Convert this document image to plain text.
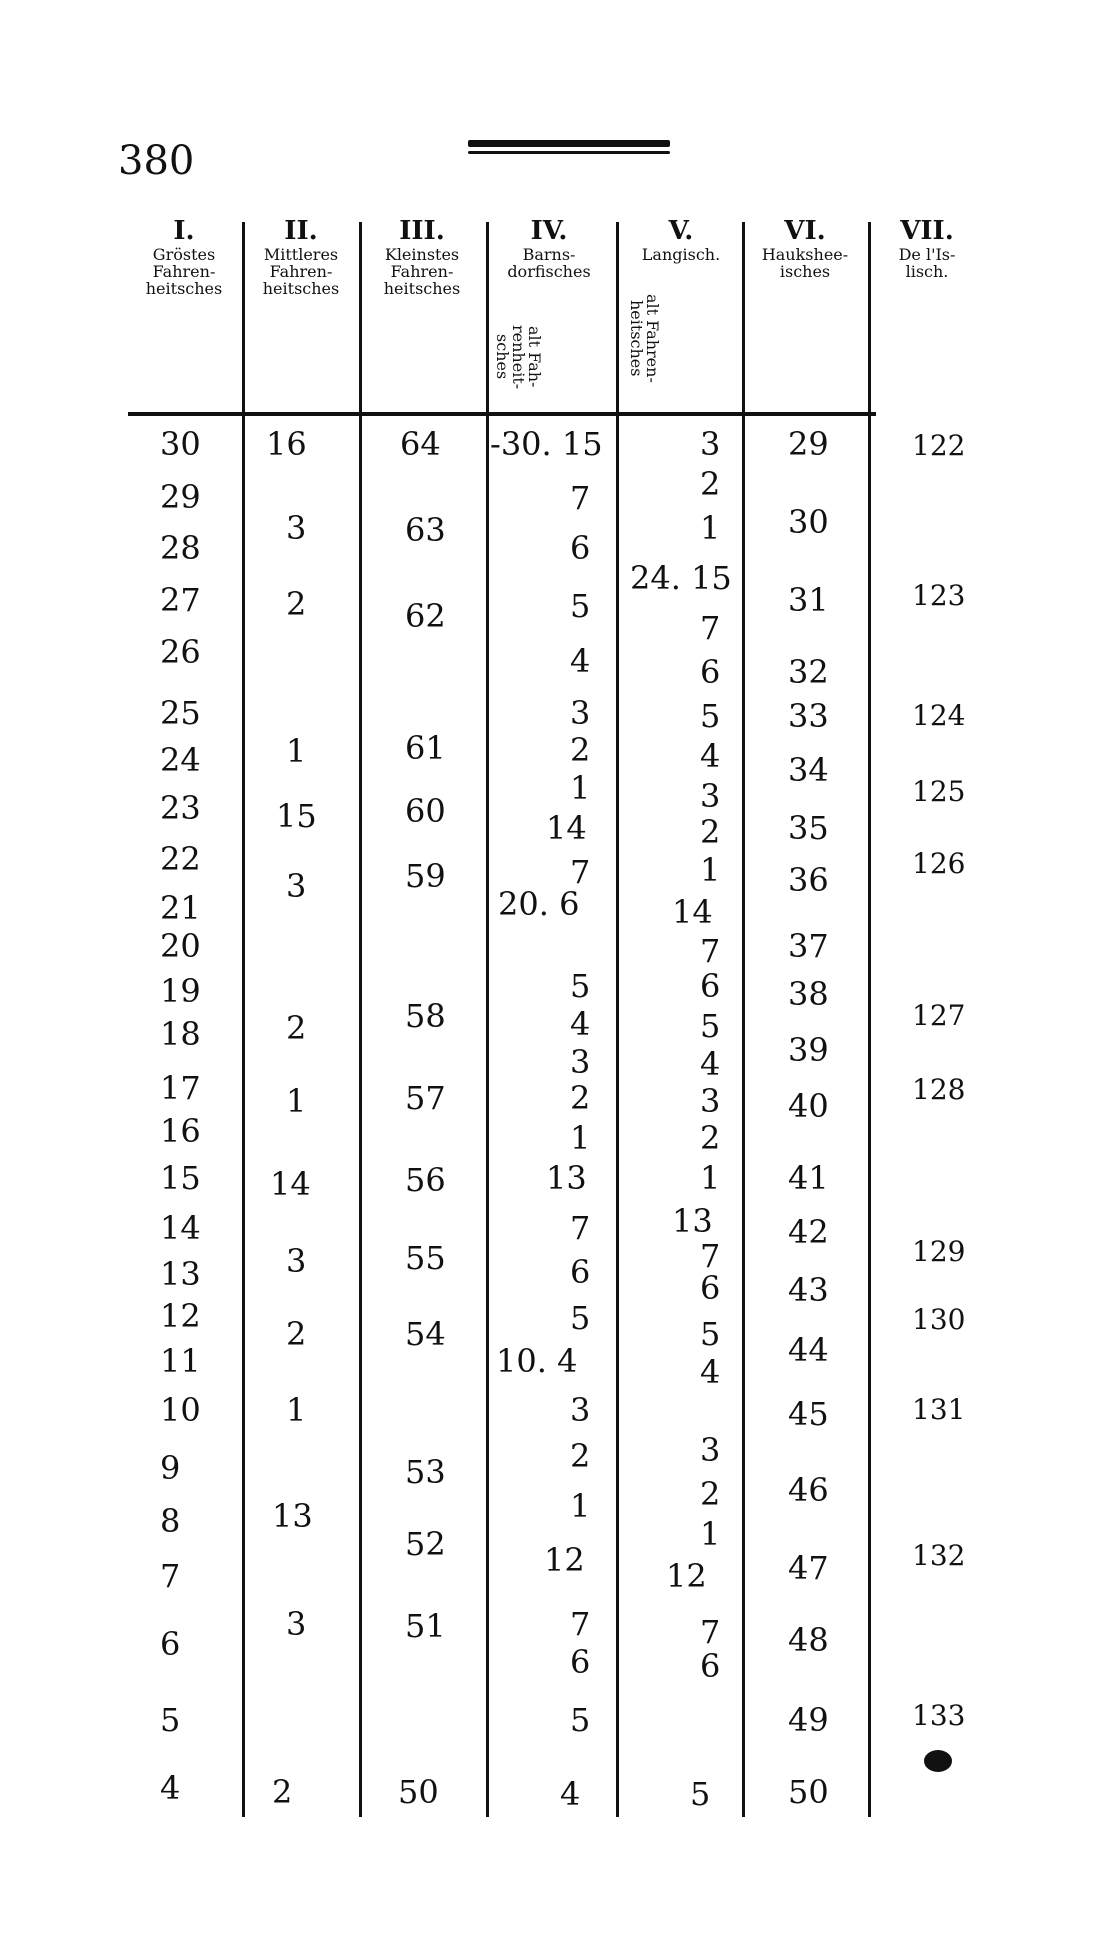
380
I.
Gröstes
Fahren-
heitsches
II.
Mittleres
Fahren-
heitsches
III.
Kleinstes
Fahren-
heitsches
IV.
Barns-
dorfisches
alt Fah-
renheit-
sches
V.
Langisch.
alt Fahren-
heitsches
VI.
Haukshee-
isches
VII.
De l'Is-
lisch.
30
29
28
27
26
25
24
23
22
21
20
19
18
17
16
15
14
13
12
11
10
9
8
7
6
5
4
16
3
2
1
15
3
2
1
14
3
2
1
13
3
2
64
63
62
61
60
59
58
57
56
55
54
53
52
51
50
-30. 15
7
6
5
4
3
2
1
14
7
20. 6
5
4
3
2
1
13
7
6
5
10. 4
3
2
1
12
7
6
5
4
3
2
1
24. 15
7
6
5
4
3
2
1
14
7
6
5
4
3
2
1
13
7
6
5
4
3
2
1
12
7
6
5
29
30
31
32
33
34
35
36
37
38
39
40
41
42
43
44
45
46
47
48
49
50
122
123
124
125
126
127
128
129
130
131
132
133
